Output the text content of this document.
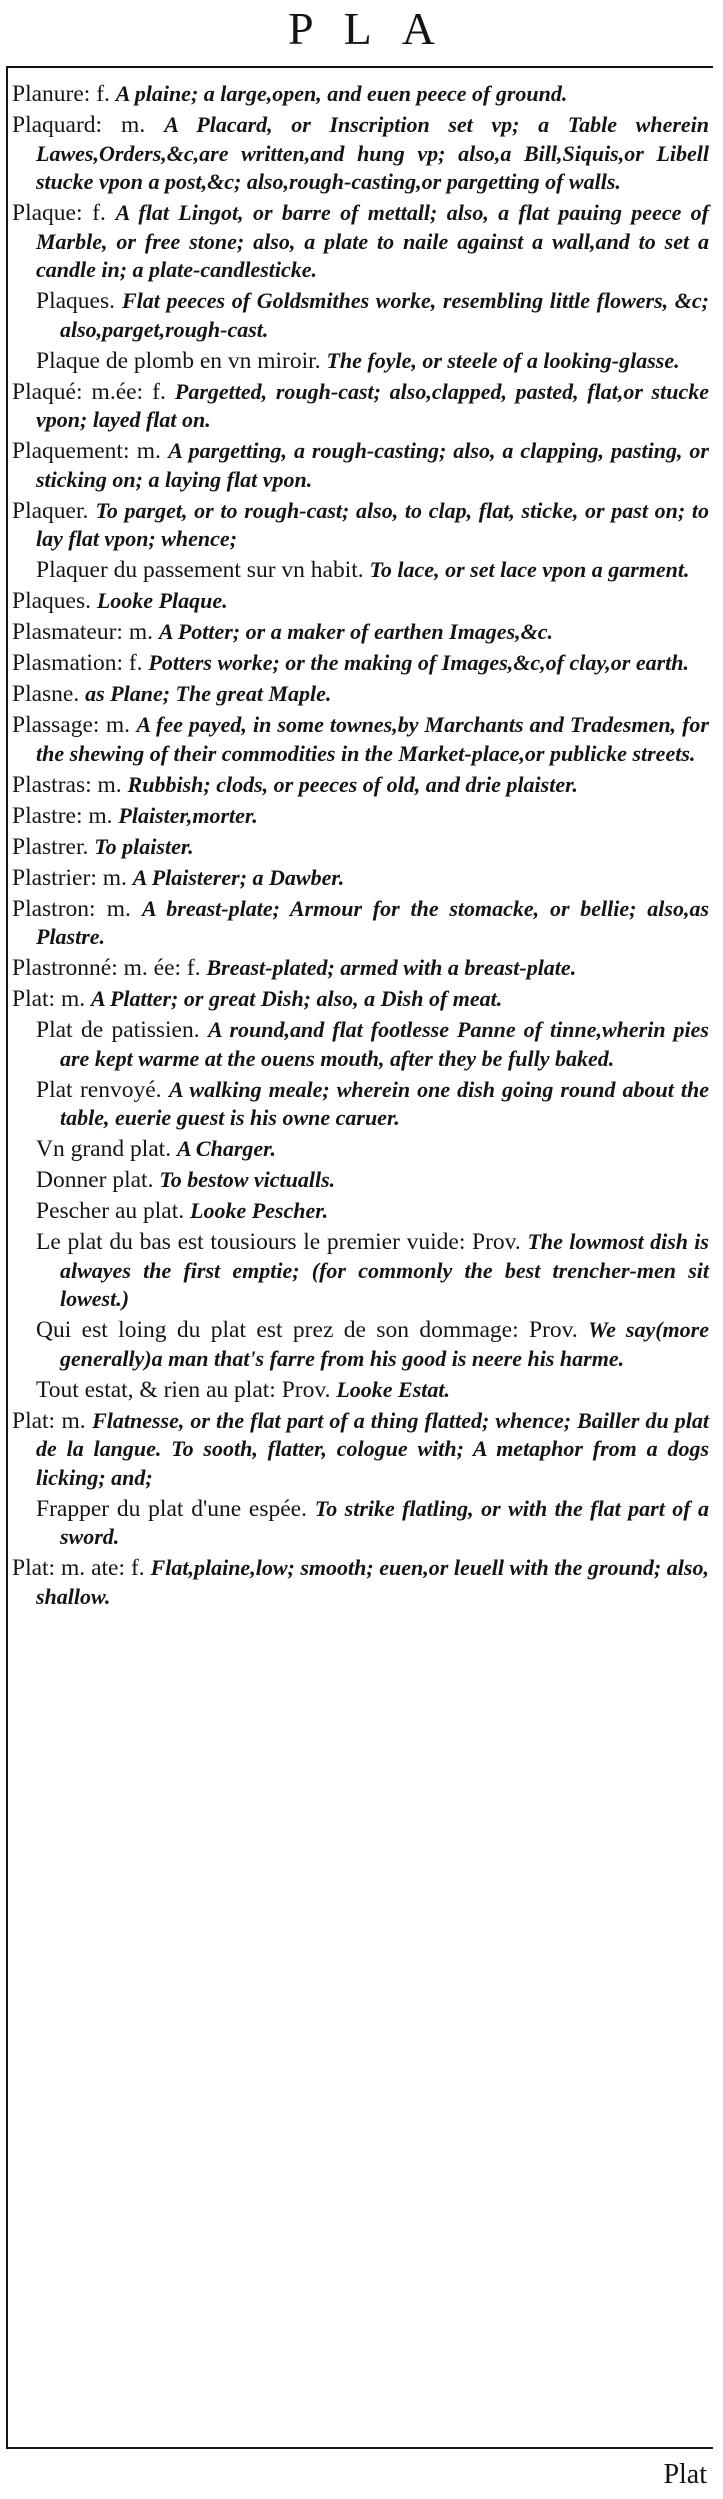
PLA

Planure: f. A plaine; a large,open, and euen peece of ground.

Plaquard: m. A Placard, or Inscription set vp; a Table wherein Lawes,Orders,&c,are written,and hung vp; also,a Bill,Siquis,or Libell stucke vpon a post,&c; also,rough-casting,or pargetting of walls.

Plaque: f. A flat Lingot, or barre of mettall; also, a flat pauing peece of Marble, or free stone; also, a plate to naile against a wall,and to set a candle in; a plate-candlesticke.

Plaques. Flat peeces of Goldsmithes worke, resembling little flowers, &c; also,parget,rough-cast.

Plaque de plomb en vn miroir. The foyle, or steele of a looking-glasse.

Plaqué: m.ée: f. Pargetted, rough-cast; also,clapped, pasted, flat,or stucke vpon; layed flat on.

Plaquement: m. A pargetting, a rough-casting; also, a clapping, pasting, or sticking on; a laying flat vpon.

Plaquer. To parget, or to rough-cast; also, to clap, flat, sticke, or past on; to lay flat vpon; whence;

Plaquer du passement sur vn habit. To lace, or set lace vpon a garment.

Plaques. Looke Plaque.

Plasmateur: m. A Potter; or a maker of earthen Images,&c.

Plasmation: f. Potters worke; or the making of Images,&c,of clay,or earth.

Plasne. as Plane; The great Maple.

Plassage: m. A fee payed, in some townes,by Marchants and Tradesmen, for the shewing of their commodities in the Market-place,or publicke streets.

Plastras: m. Rubbish; clods, or peeces of old, and drie plaister.

Plastre: m. Plaister,morter.

Plastrer. To plaister.

Plastrier: m. A Plaisterer; a Dawber.

Plastron: m. A breast-plate; Armour for the stomacke, or bellie; also,as Plastre.

Plastronné: m. ée: f. Breast-plated; armed with a breast-plate.

Plat: m. A Platter; or great Dish; also, a Dish of meat.

Plat de patissien. A round,and flat footlesse Panne of tinne,wherin pies are kept warme at the ouens mouth, after they be fully baked.

Plat renvoyé. A walking meale; wherein one dish going round about the table, euerie guest is his owne caruer.

Vn grand plat. A Charger.

Donner plat. To bestow victualls.

Pescher au plat. Looke Pescher.

Le plat du bas est tousiours le premier vuide: Prov. The lowmost dish is alwayes the first emptie; (for commonly the best trencher-men sit lowest.)

Qui est loing du plat est prez de son dommage: Prov. We say(more generally)a man that's farre from his good is neere his harme.

Tout estat, & rien au plat: Prov. Looke Estat.

Plat: m. Flatnesse, or the flat part of a thing flatted; whence; Bailler du plat de la langue. To sooth, flatter, cologue with; A metaphor from a dogs licking; and;

Frapper du plat d'une espée. To strike flatling, or with the flat part of a sword.

Plat: m. ate: f. Flat,plaine,low; smooth; euen,or leuell with the ground; also, shallow.

Plat
